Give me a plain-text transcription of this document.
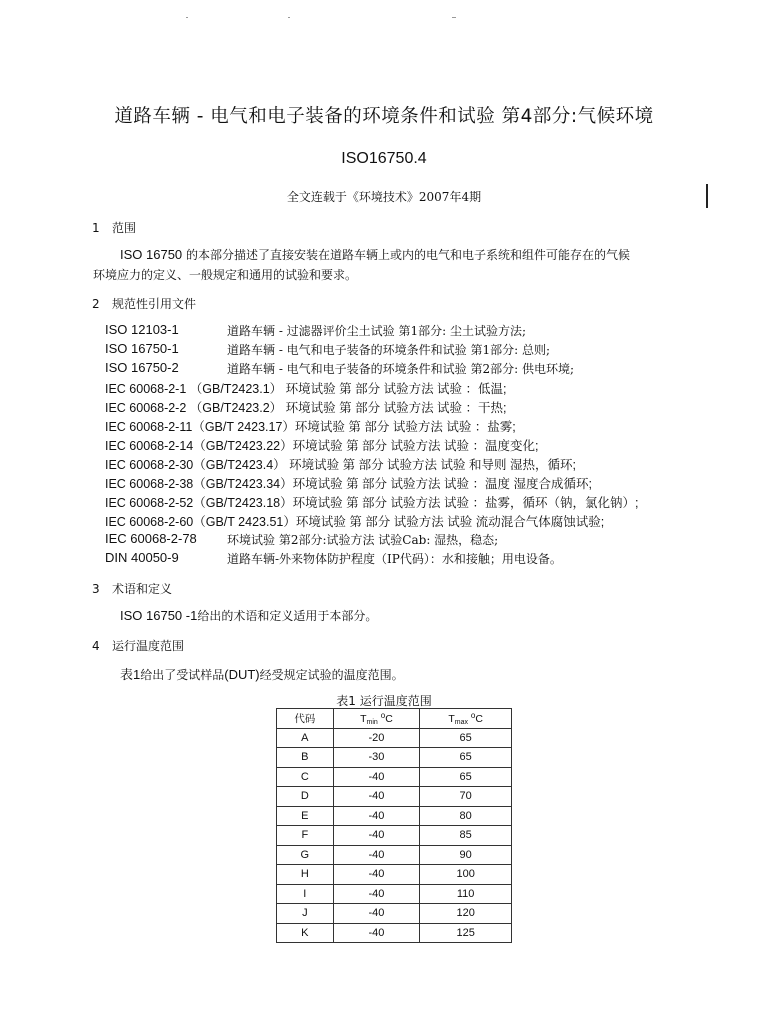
道路车辆 - 电气和电子装备的环境条件和试验 第4部分:气候环境
ISO16750.4
全文连载于《环境技术》2007年4期
1 范围
ISO 16750 的本部分描述了直接安装在道路车辆上或内的电气和电子系统和组件可能存在的气候
环境应力的定义、一般规定和通用的试验和要求。
2 规范性引用文件
ISO 12103-1	道路车辆 - 过滤器评价尘土试验 第1部分: 尘土试验方法;
ISO 16750-1	道路车辆 - 电气和电子装备的环境条件和试验 第1部分: 总则;
ISO 16750-2	道路车辆 - 电气和电子装备的环境条件和试验 第2部分: 供电环境;
IEC 60068-2-1 （GB/T2423.1） 环境试验 第 部分 试验方法 试验 ：低温;
IEC 60068-2-2 （GB/T2423.2） 环境试验 第 部分 试验方法 试验 ：干热;
IEC 60068-2-11（GB/T 2423.17）环境试验 第 部分 试验方法 试验 ：盐雾;
IEC 60068-2-14（GB/T2423.22）环境试验 第 部分 试验方法 试验 ：温度变化;
IEC 60068-2-30（GB/T2423.4） 环境试验 第 部分 试验方法 试验 和导则 湿热，循环;
IEC 60068-2-38（GB/T2423.34）环境试验 第 部分 试验方法 试验 ：温度 湿度合成循环;
IEC 60068-2-52（GB/T2423.18）环境试验 第 部分 试验方法 试验 ：盐雾，循环（钠，氯化钠）;
IEC 60068-2-60（GB/T 2423.51）环境试验 第 部分 试验方法 试验 流动混合气体腐蚀试验;
IEC 60068-2-78	环境试验 第2部分:试验方法 试验Cab: 湿热，稳态;
DIN 40050-9	道路车辆-外来物体防护程度（IP代码）：水和接触；用电设备。
3 术语和定义
ISO 16750 -1给出的术语和定义适用于本部分。
4 运行温度范围
表1给出了受试样品(DUT)经受规定试验的温度范围。
表1 运行温度范围
代码	$T_{min}$ $^o$C	$T_{max}$ $^o$C
A	-20	65
B	-30	65
C	-40	65
D	-40	70
E	-40	80
F	-40	85
G	-40	90
H	-40	100
I	-40	110
J	-40	120
K	-40	125
